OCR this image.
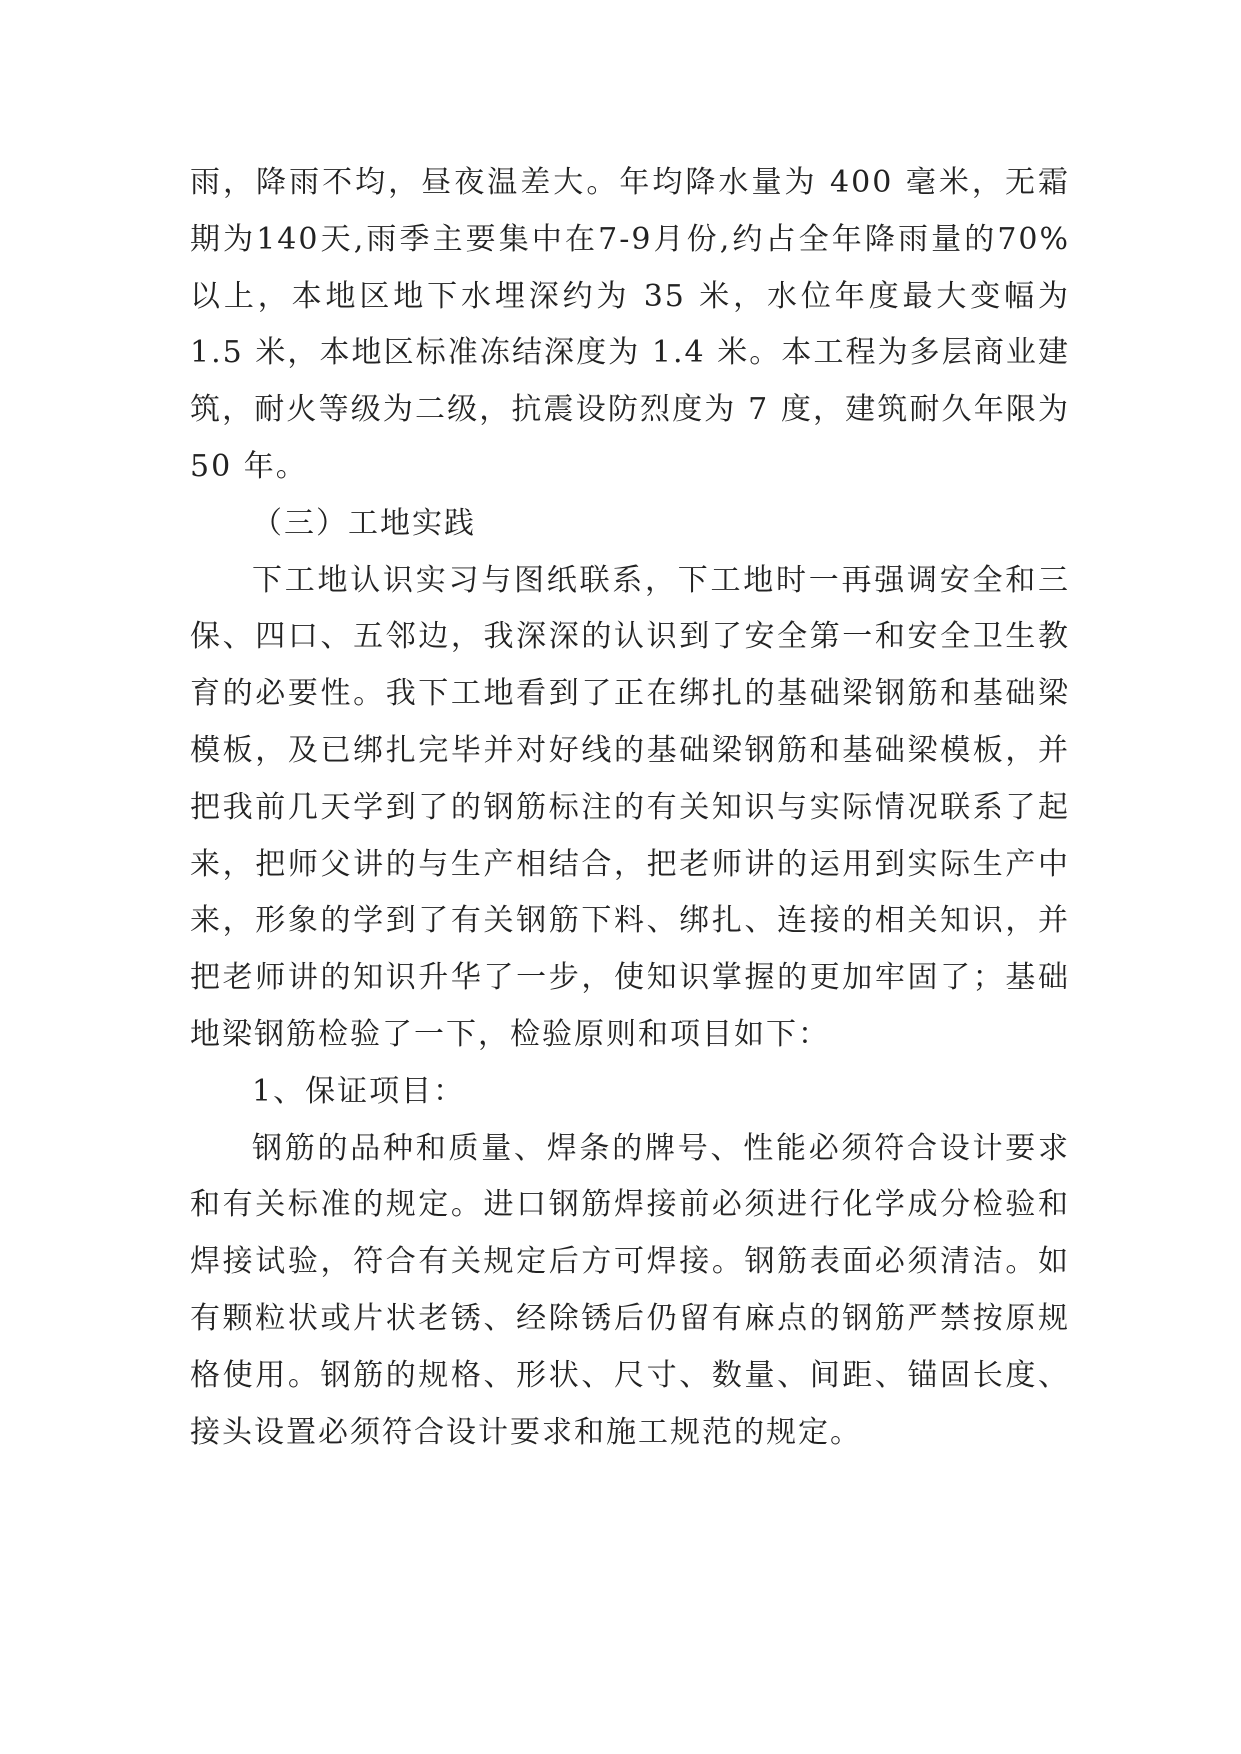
雨，降雨不均，昼夜温差大。年均降水量为 400 毫米，无霜期为140天,雨季主要集中在7-9月份,约占全年降雨量的70%以上，本地区地下水埋深约为 35 米，水位年度最大变幅为 1.5 米，本地区标准冻结深度为 1.4 米。本工程为多层商业建筑，耐火等级为二级，抗震设防烈度为 7 度，建筑耐久年限为 50 年。

（三）工地实践

下工地认识实习与图纸联系，下工地时一再强调安全和三保、四口、五邻边，我深深的认识到了安全第一和安全卫生教育的必要性。我下工地看到了正在绑扎的基础梁钢筋和基础梁模板，及已绑扎完毕并对好线的基础梁钢筋和基础梁模板，并把我前几天学到了的钢筋标注的有关知识与实际情况联系了起来，把师父讲的与生产相结合，把老师讲的运用到实际生产中来，形象的学到了有关钢筋下料、绑扎、连接的相关知识，并把老师讲的知识升华了一步，使知识掌握的更加牢固了；基础地梁钢筋检验了一下，检验原则和项目如下：

1、保证项目：

钢筋的品种和质量、焊条的牌号、性能必须符合设计要求和有关标准的规定。进口钢筋焊接前必须进行化学成分检验和焊接试验，符合有关规定后方可焊接。钢筋表面必须清洁。如有颗粒状或片状老锈、经除锈后仍留有麻点的钢筋严禁按原规格使用。钢筋的规格、形状、尺寸、数量、间距、锚固长度、接头设置必须符合设计要求和施工规范的规定。
